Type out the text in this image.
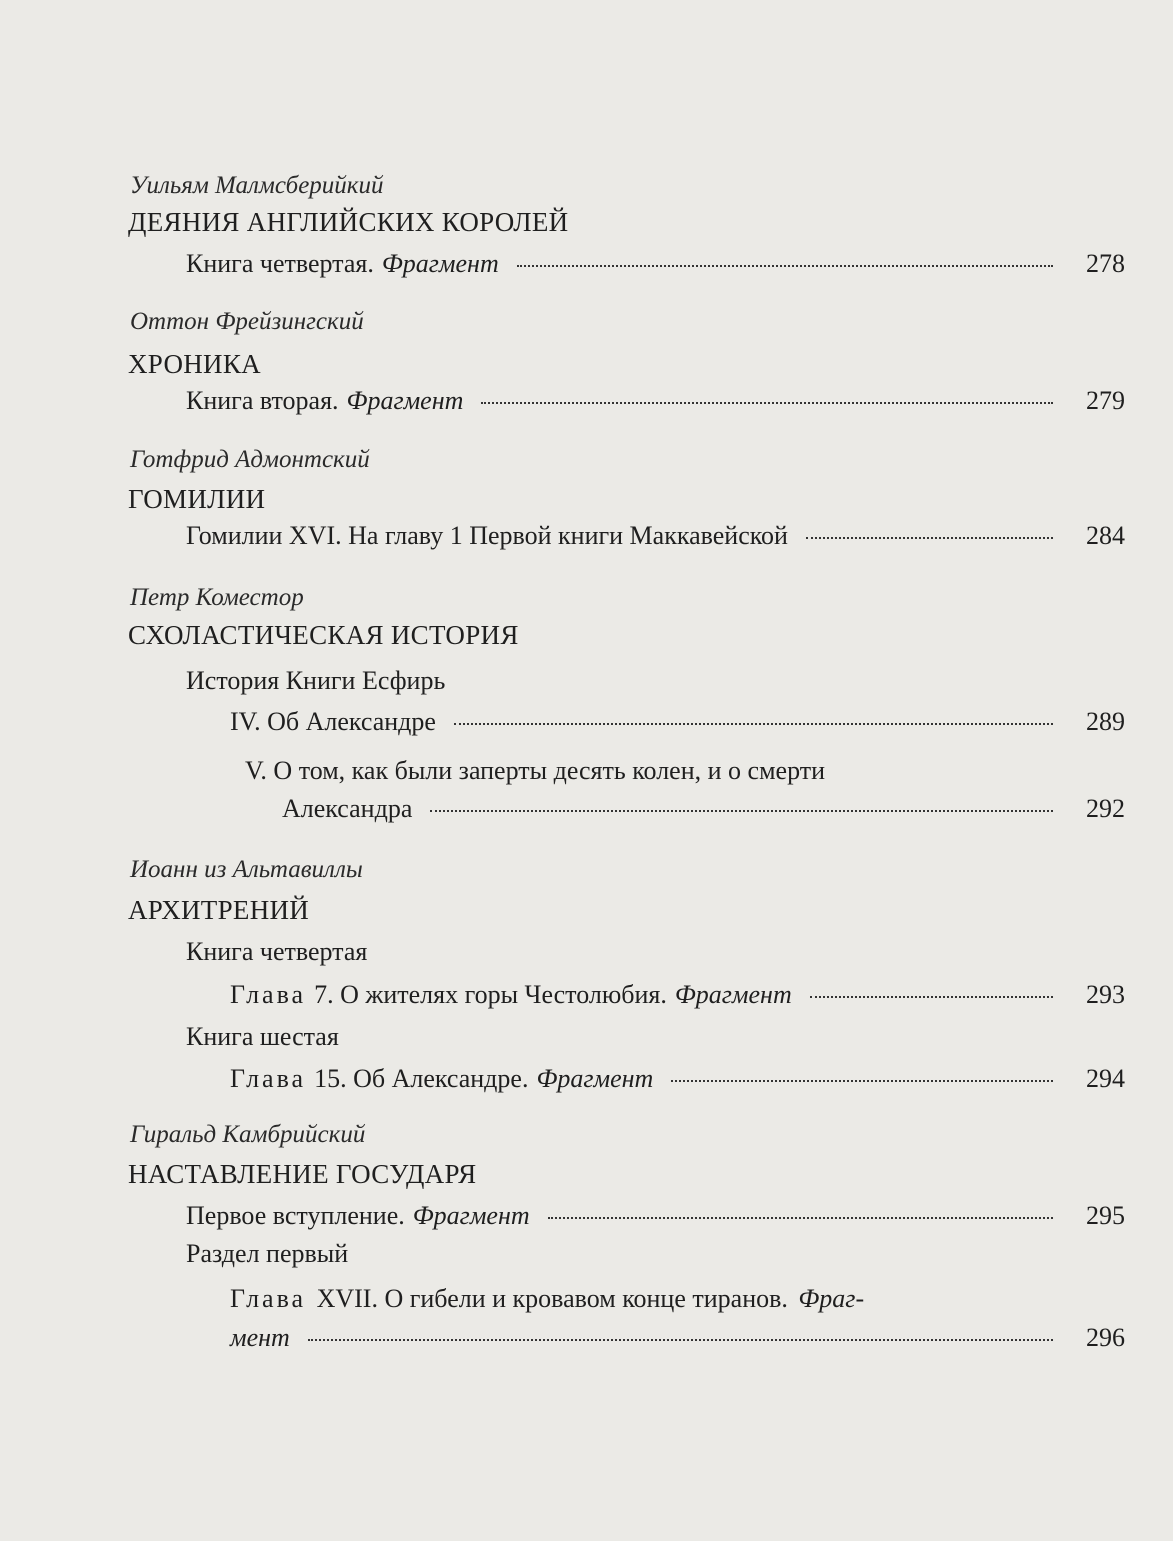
Уильям Малмсберийкий
ДЕЯНИЯ АНГЛИЙСКИХ КОРОЛЕЙ
Книга четвертая. Фрагмент	278
Оттон Фрейзингский
ХРОНИКА
Книга вторая. Фрагмент	279
Готфрид Адмонтский
ГОМИЛИИ
Гомилии XVI. На главу 1 Первой книги Маккавейской	284
Петр Коместор
СХОЛАСТИЧЕСКАЯ ИСТОРИЯ
История Книги Есфирь
IV. Об Александре	289
V. О том, как были заперты десять колен, и о смерти
Александра	292
Иоанн из Альтавиллы
АРХИТРЕНИЙ
Книга четвертая
Глава 7. О жителях горы Честолюбия. Фрагмент	293
Книга шестая
Глава 15. Об Александре. Фрагмент	294
Гиральд Камбрийский
НАСТАВЛЕНИЕ ГОСУДАРЯ
Первое вступление. Фрагмент	295
Раздел первый
Глава XVII. О гибели и кровавом конце тиранов. Фраг-
мент	296
